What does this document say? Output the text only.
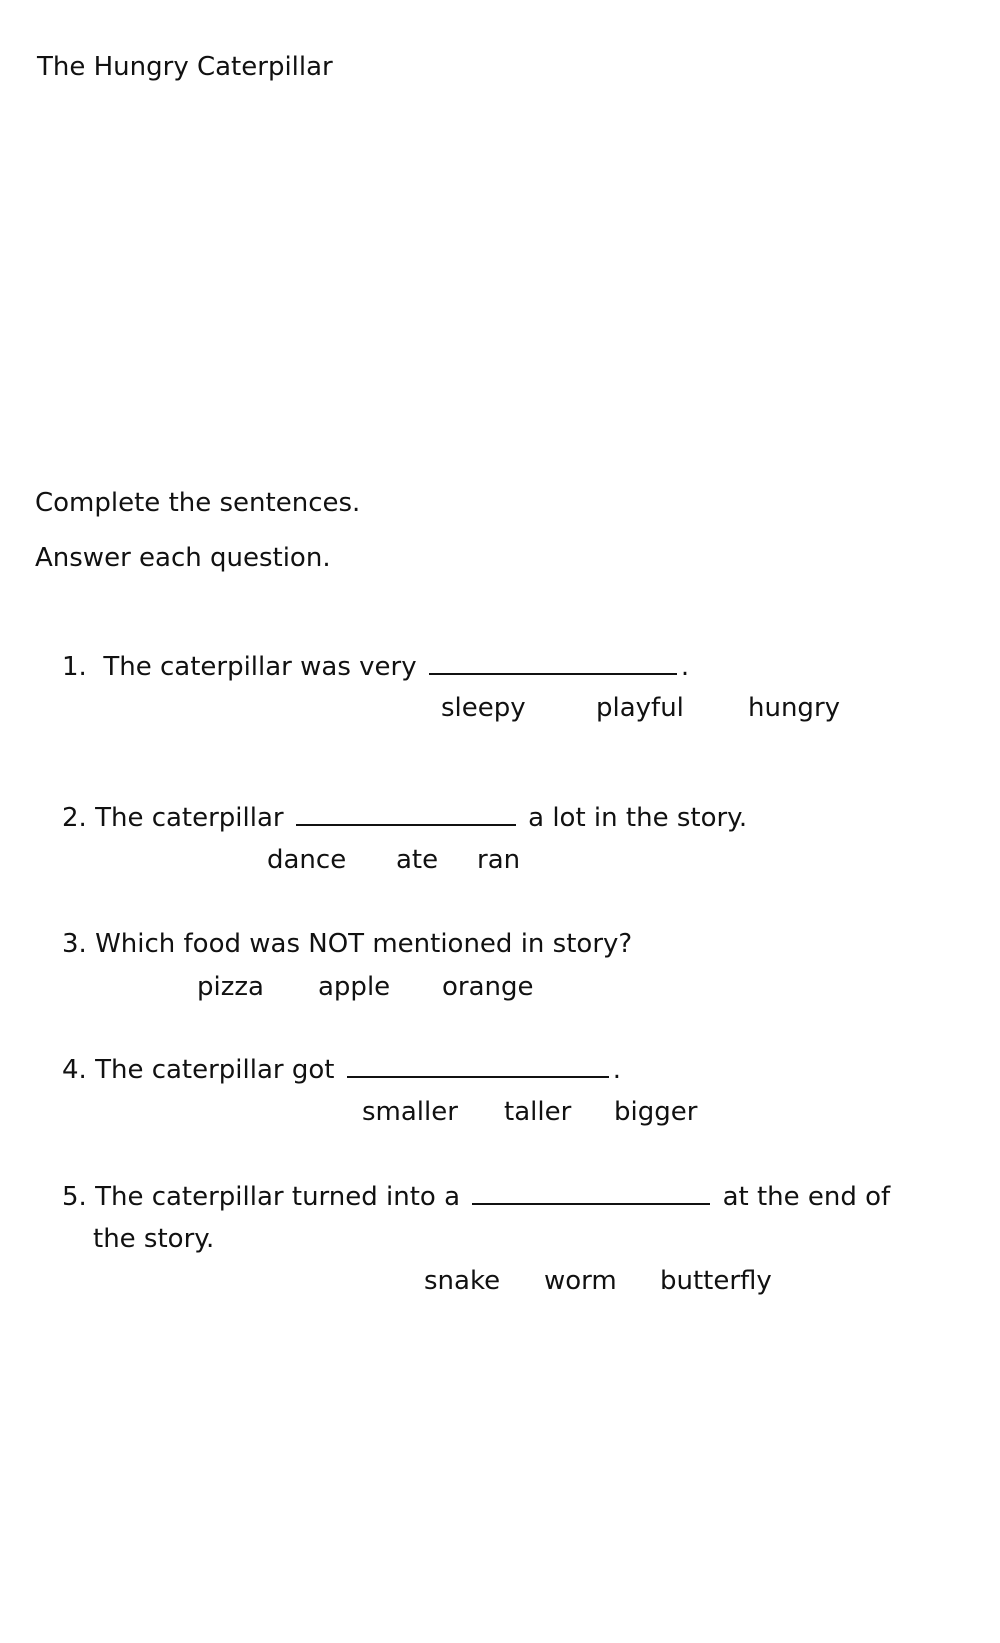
The Hungry Caterpillar
Complete the sentences.
Answer each question.
1. The caterpillar was very	.
sleepy	playful hungry
2. The caterpillar	a lot in the story.
dance ate ran
3. Which food was NOT mentioned in story?
pizza apple orange
4. The caterpillar got	.
smaller taller bigger
5. The caterpillar turned into a	at the end of
the story.
snake worm butterfly
